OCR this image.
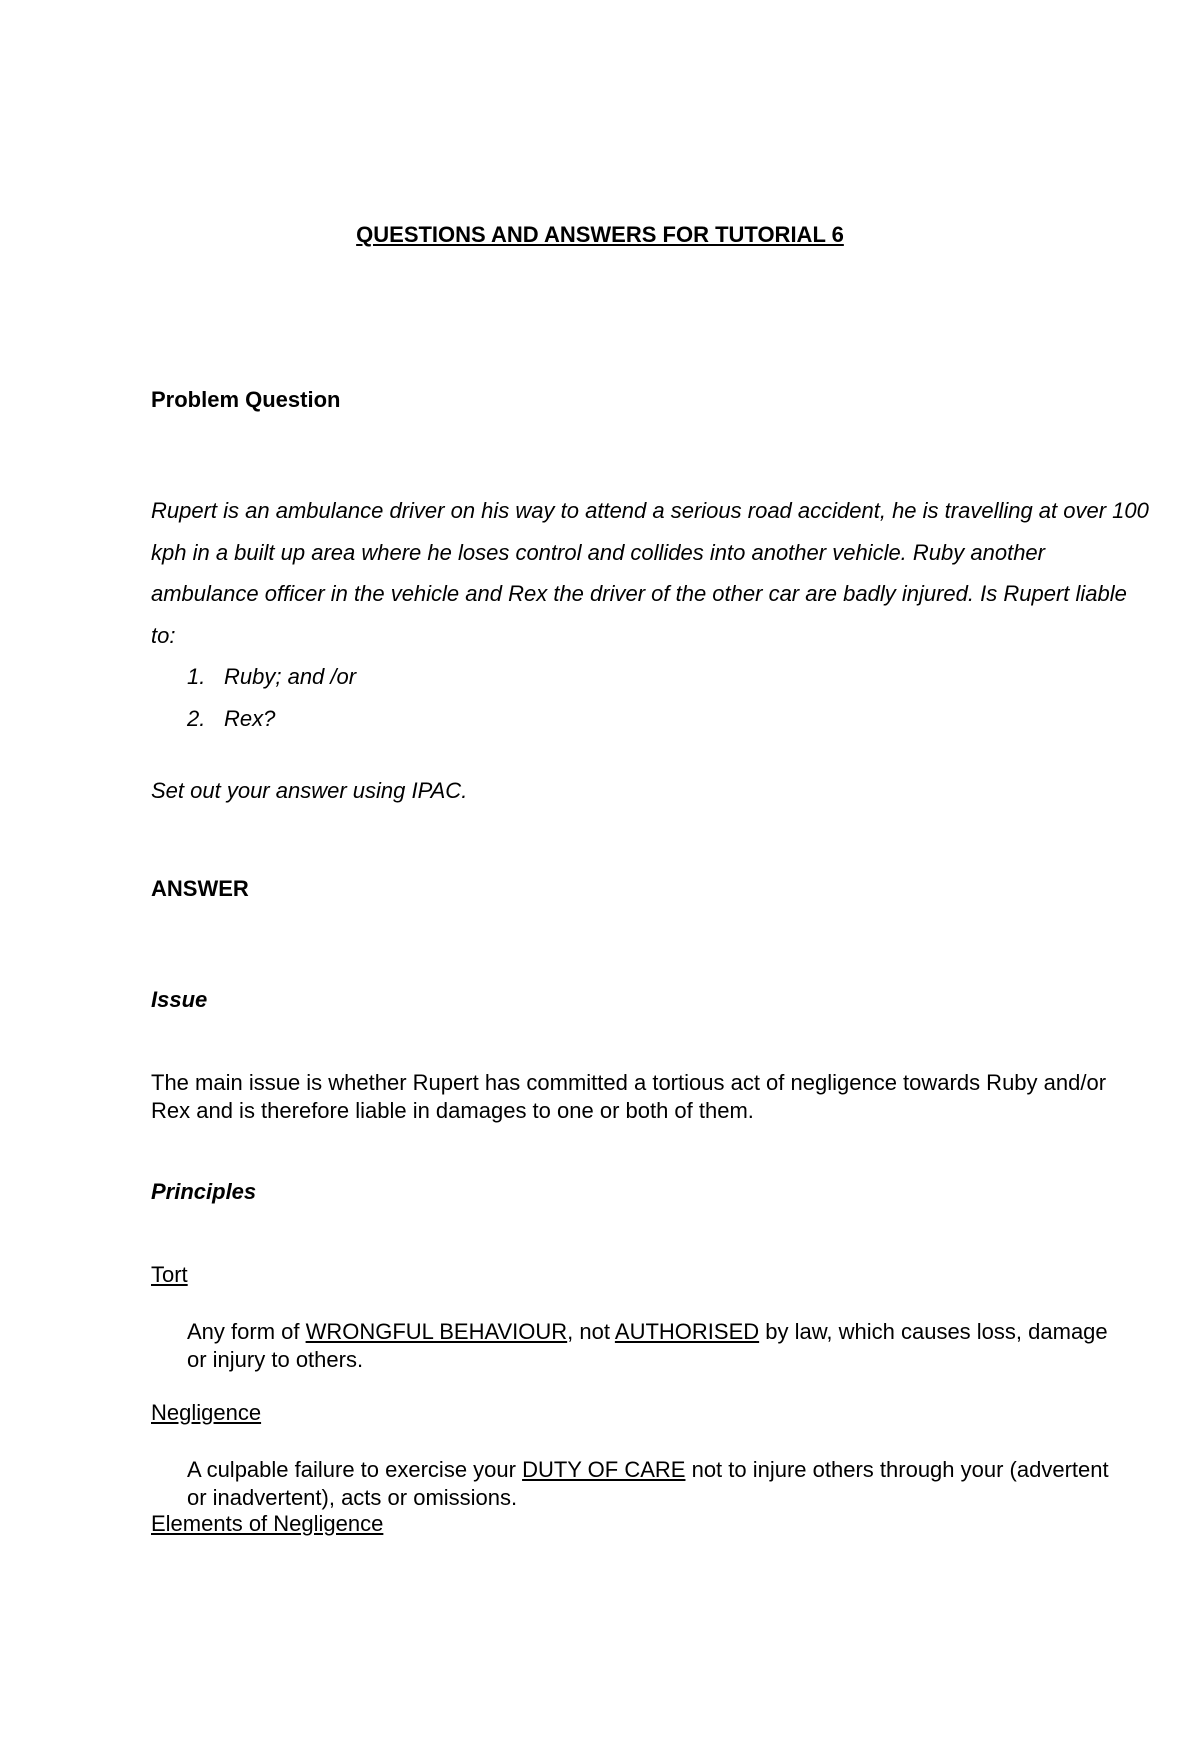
QUESTIONS AND ANSWERS FOR TUTORIAL 6
Problem Question

Rupert is an ambulance driver on his way to attend a serious road accident, he is travelling at over 100 kph in a built up area where he loses control and collides into another vehicle. Ruby another ambulance officer in the vehicle and Rex the driver of the other car are badly injured. Is Rupert liable to:

1. Ruby; and /or
2. Rex?
Set out your answer using IPAC.
ANSWER
Issue
The main issue is whether Rupert has committed a tortious act of negligence towards Ruby and/or Rex and is therefore liable in damages to one or both of them.
Principles
Tort
Any form of WRONGFUL BEHAVIOUR, not AUTHORISED by law, which causes loss, damage or injury to others.
Negligence
A culpable failure to exercise your DUTY OF CARE not to injure others through your (advertent or inadvertent), acts or omissions.
Elements of Negligence
